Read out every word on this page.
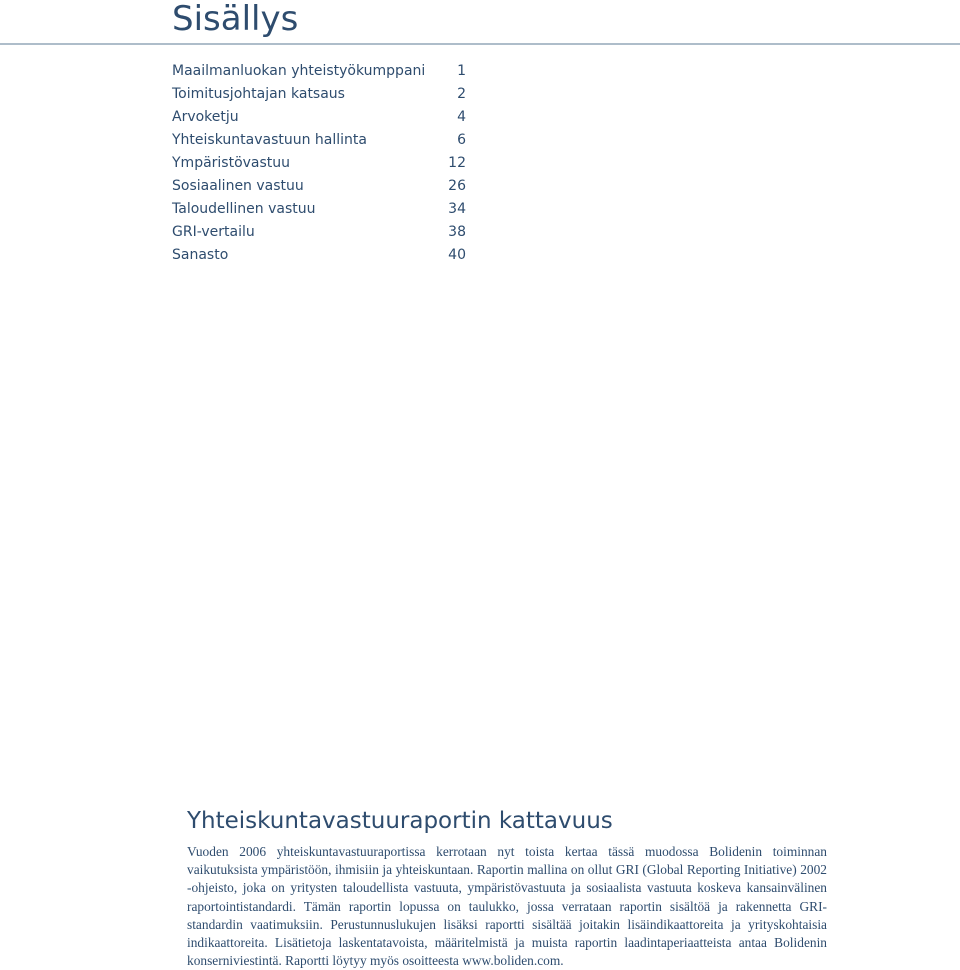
Sisällys
Maailmanluokan yhteistyökumppani 1
Toimitusjohtajan katsaus	2
Arvoketju	4
Yhteiskuntavastuun hallinta	6
Ympäristövastuu	12
Sosiaalinen vastuu	26
Taloudellinen vastuu	34
GRI-vertailu	38
Sanasto	40
Yhteiskuntavastuuraportin kattavuus

Vuoden 2006 yhteiskuntavastuuraportissa kerrotaan nyt toista kertaa tässä muodossa Bolidenin toiminnan vaikutuksista ympäristöön, ihmisiin ja yhteiskuntaan. Raportin mallina on ollut GRI (Global Reporting Initiative) 2002 -ohjeisto, joka on yritysten taloudellista vastuuta, ympäristövastuuta ja sosiaalista vastuuta koskeva kansainvälinen raportointistandardi. Tämän raportin lopussa on taulukko, jossa verrataan raportin sisältöä ja rakennetta GRI-standardin vaatimuksiin. Perustunnuslukujen lisäksi raportti sisältää joitakin lisäindikaattoreita ja yrityskohtaisia indikaattoreita. Lisätietoja laskentatavoista, määritelmistä ja muista raportin laadintaperiaatteista antaa Bolidenin konserniviestintä. Raportti löytyy myös osoitteesta www.boliden.com.
